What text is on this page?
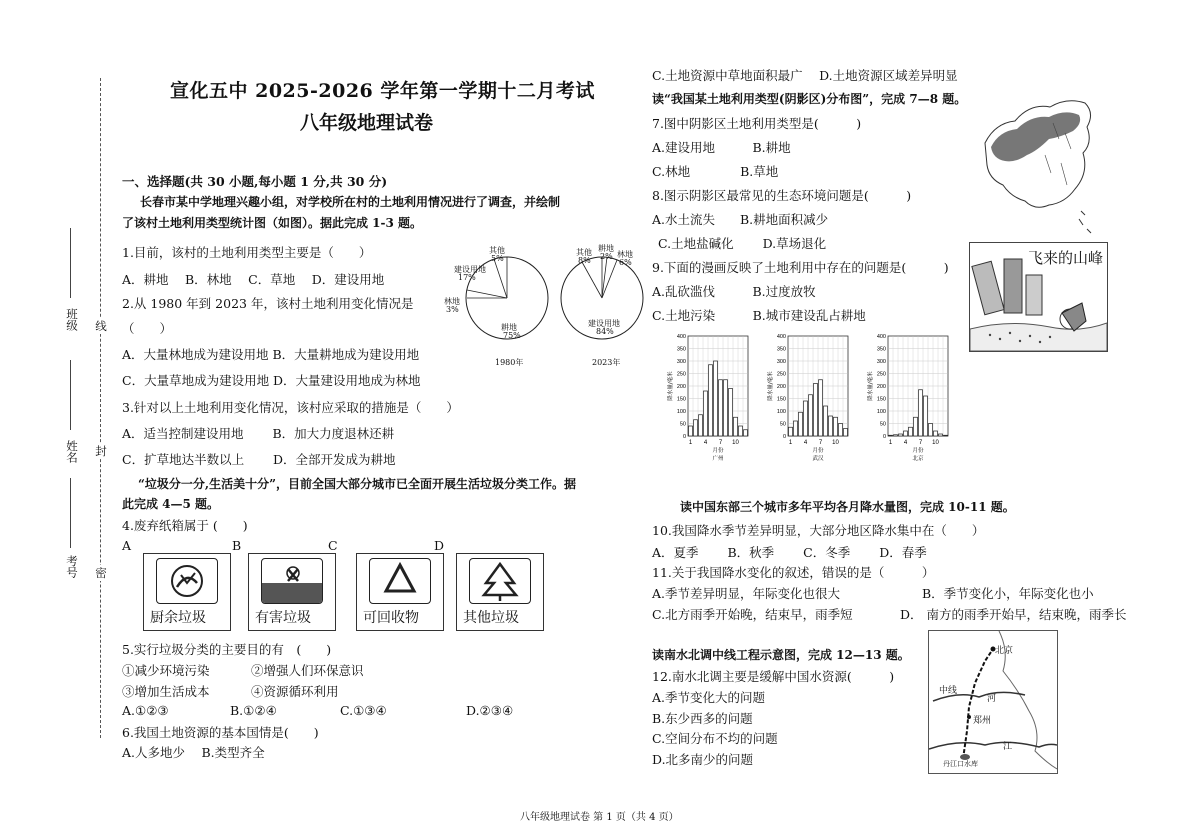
班级
姓名
考号
线
封
密
宣化五中 2025-2026 学年第一学期十二月考试
八年级地理试卷
一、选择题(共 30 小题,每小题 1 分,共 30 分)
长春市某中学地理兴趣小组，对学校所在村的土地利用情况进行了调查，并绘制
了该村土地利用类型统计图（如图）。据此完成 1-3 题。
1.目前，该村的土地利用类型主要是（　　）
A．耕地　 B．林地　 C．草地　 D．建设用地
2.从 1980 年到 2023 年，该村土地利用变化情况是
（　　）
A．大量林地成为建设用地 B．大量耕地成为建设用地
C．大量草地成为建设用地 D．大量建设用地成为林地
3.针对以上土地利用变化情况，该村应采取的措施是（　　）
A．适当控制建设用地　　 B．加大力度退林还耕
C．扩草地达半数以上　　 D．全部开发成为耕地
“垃圾分一分,生活美十分”，目前全国大部分城市已全面开展生活垃圾分类工作。据
此完成 4—5 题。
4.废弃纸箱属于 (　　)
A	B	C	D
厨余垃圾	有害垃圾	可回收物	其他垃圾
5.实行垃圾分类的主要目的有　(　　)
①减少环境污染　　　 ②增强人们环保意识
③增加生活成本　　　 ④资源循环利用
A.①②③	B.①②④	C.①③④	D.②③④
6.我国土地资源的基本国情是(　　)
A.人多地少　 B.类型齐全
建设用地
17%
其他
5%
林地
3%
耕地
75%
1980年
其他
8%
耕地
2% 林地
6%
建设用地
84%
2023年
C.土地资源中草地面积最广　 D.土地资源区域差异明显
读“我国某土地利用类型(阴影区)分布图”，完成 7—8 题。
7.图中阴影区土地利用类型是(　　　)
A.建设用地　　　B.耕地
C.林地　　　　B.草地
8.图示阴影区最常见的生态环境问题是(　　　)
A.水土流失　　B.耕地面积减少
C.土地盐碱化　　 D.草场退化
9.下面的漫画反映了土地利用中存在的问题是(　　　)
A.乱砍滥伐　　　B.过度放牧
C.土地污染　　　B.城市建设乱占耕地
飞来的山峰
400
350
300
250
200
150
100
50
0
降水量/毫米
1 4 7 10
月份
广州
400
350
300
250
200
150
100
50
0
降水量/毫米
1 4 7 10
月份
武汉
400
350
300
250
200
150
100
50
0
降水量/毫米
1 4 7 10
月份
北京
读中国东部三个城市多年平均各月降水量图，完成 10-11 题。
10.我国降水季节差异明显，大部分地区降水集中在（　　）
A．夏季　　 B．秋季　　 C．冬季　　 D．春季
11.关于我国降水变化的叙述，错误的是（　　　）
A.季节差异明显，年际变化也很大	B．季节变化小，年际变化也小
C.北方雨季开始晚，结束早，雨季短	D． 南方的雨季开始早，结束晚，雨季长
读南水北调中线工程示意图，完成 12—13 题。
12.南水北调主要是缓解中国水资源(　　　)
A.季节变化大的问题
B.东少西多的问题
C.空间分布不均的问题
D.北多南少的问题
北京
中线
河
郑州
丹江口水库
江
八年级地理试卷 第 1 页（共 4 页）
